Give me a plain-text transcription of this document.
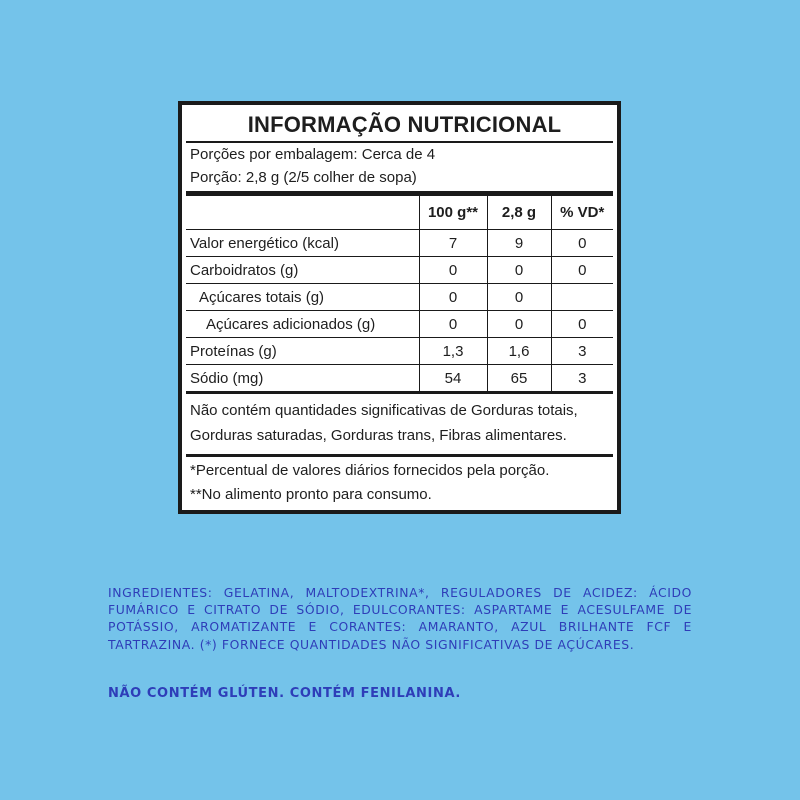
INFORMAÇÃO NUTRICIONAL
Porções por embalagem: Cerca de 4
Porção: 2,8 g (2/5 colher de sopa)
	100 g**	2,8 g	% VD*
Valor energético (kcal)	7	9	0
Carboidratos (g)	0	0	0
Açúcares totais (g)	0	0	
Açúcares adicionados (g)	0	0	0
Proteínas (g)	1,3	1,6	3
Sódio (mg)	54	65	3
Não contém quantidades significativas de Gorduras totais, Gorduras saturadas, Gorduras trans, Fibras alimentares.
*Percentual de valores diários fornecidos pela porção.
**No alimento pronto para consumo.
INGREDIENTES: GELATINA, MALTODEXTRINA*, REGULADORES DE ACIDEZ: ÁCIDO FUMÁRICO E CITRATO DE SÓDIO, EDULCORANTES: ASPARTAME E ACESULFAME DE POTÁSSIO, AROMATIZANTE E CORANTES: AMARANTO, AZUL BRILHANTE FCF E TARTRAZINA. (*) FORNECE QUANTIDADES NÃO SIGNIFICATIVAS DE AÇÚCARES.
NÃO CONTÉM GLÚTEN. CONTÉM FENILANINA.
